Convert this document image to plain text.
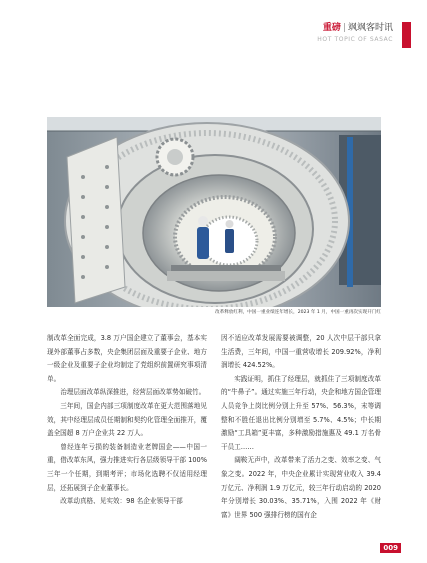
重磅 | 飒飒客时讯
HOT TOPIC OF SASAC
改革释放红利，中国一重业绩连年增长，2023 年 1 月，中国一重再次实现开门红

制改革全面完成，3.8 万户国企建立了董事会，基本实现外部董事占多数，央企集团层面及重要子企业、地方一级企业及重要子企业均制定了党组织前置研究事项清单。

治理层面改革纵深推进，经营层面改革势如破竹。

三年间，国企内部三项制度改革在更大范围落地见效，其中经理层成员任期制和契约化管理全面推开，覆盖全国超 8 万户企业共 22 万人。

曾经连年亏损的装备制造业老牌国企——中国一重，借改革东风，强力推进实行各层级领导干部 100% 三年一个任期，到期考评；市场化选聘不仅适用经理层，还拓展到子企业董事长。

改革动真格、见实效：98 名企业领导干部

因不适应改革发展需要被调整，20 人次中层干部只拿生活费，三年间，中国一重营收增长 209.92%，净利润增长 424.52%。

实践证明，抓住了经理层，就抓住了三项制度改革的“牛鼻子”。通过实施三年行动，央企和地方国企管理人员竞争上岗比例分别上升至 57%、56.3%，末等调整和不胜任退出比例分别增至 5.7%、4.5%；中长期激励“工具箱”更丰富，多种激励措施惠及 49.1 万名骨干员工……

阔鞍无声中，改革带来了活力之变、效率之变、气象之变。2022 年，中央企业累计实现营业收入 39.4 万亿元、净利润 1.9 万亿元，较三年行动启动的 2020 年分别增长 30.03%、35.71%，入围 2022 年《财富》世界 500 强排行榜的国有企

009
